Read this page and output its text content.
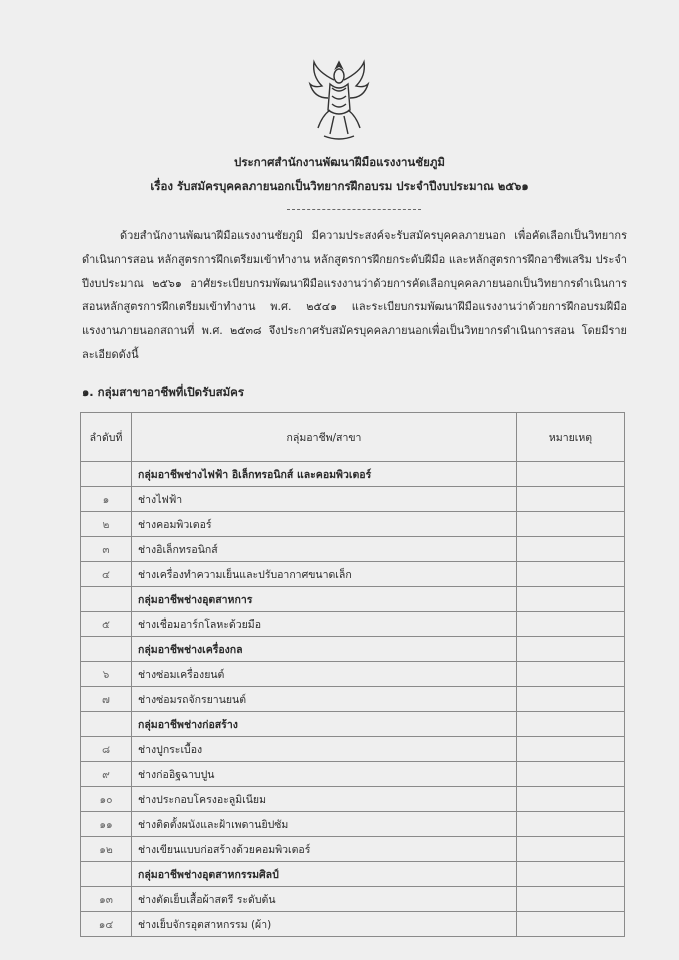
ประกาศสำนักงานพัฒนาฝีมือแรงงานชัยภูมิ
เรื่อง รับสมัครบุคคลภายนอกเป็นวิทยากรฝึกอบรม ประจำปีงบประมาณ ๒๕๖๑

ด้วยสำนักงานพัฒนาฝีมือแรงงานชัยภูมิ มีความประสงค์จะรับสมัครบุคคลภายนอก เพื่อคัดเลือกเป็นวิทยากรดำเนินการสอน หลักสูตรการฝึกเตรียมเข้าทำงาน หลักสูตรการฝึกยกระดับฝีมือ และหลักสูตรการฝึกอาชีพเสริม ประจำปีงบประมาณ ๒๕๖๑ อาศัยระเบียบกรมพัฒนาฝีมือแรงงานว่าด้วยการคัดเลือกบุคคลภายนอกเป็นวิทยากรดำเนินการสอนหลักสูตรการฝึกเตรียมเข้าทำงาน พ.ศ. ๒๕๔๑ และระเบียบกรมพัฒนาฝีมือแรงงานว่าด้วยการฝึกอบรมฝีมือแรงงานภายนอกสถานที่ พ.ศ. ๒๕๓๘ จึงประกาศรับสมัครบุคคลภายนอกเพื่อเป็นวิทยากรดำเนินการสอน โดยมีรายละเอียดดังนี้

๑. กลุ่มสาขาอาชีพที่เปิดรับสมัคร
ลำดับที่	กลุ่มอาชีพ/สาขา	หมายเหตุ
	กลุ่มอาชีพช่างไฟฟ้า อิเล็กทรอนิกส์ และคอมพิวเตอร์	
๑	ช่างไฟฟ้า	
๒	ช่างคอมพิวเตอร์	
๓	ช่างอิเล็กทรอนิกส์	
๔	ช่างเครื่องทำความเย็นและปรับอากาศขนาดเล็ก	
	กลุ่มอาชีพช่างอุตสาหการ	
๕	ช่างเชื่อมอาร์กโลหะด้วยมือ	
	กลุ่มอาชีพช่างเครื่องกล	
๖	ช่างซ่อมเครื่องยนต์	
๗	ช่างซ่อมรถจักรยานยนต์	
	กลุ่มอาชีพช่างก่อสร้าง	
๘	ช่างปูกระเบื้อง	
๙	ช่างก่ออิฐฉาบปูน	
๑๐	ช่างประกอบโครงอะลูมิเนียม	
๑๑	ช่างติดตั้งผนังและฝ้าเพดานยิปซัม	
๑๒	ช่างเขียนแบบก่อสร้างด้วยคอมพิวเตอร์	
	กลุ่มอาชีพช่างอุตสาหกรรมศิลป์	
๑๓	ช่างตัดเย็บเสื้อผ้าสตรี ระดับต้น	
๑๔	ช่างเย็บจักรอุตสาหกรรม (ผ้า)	
